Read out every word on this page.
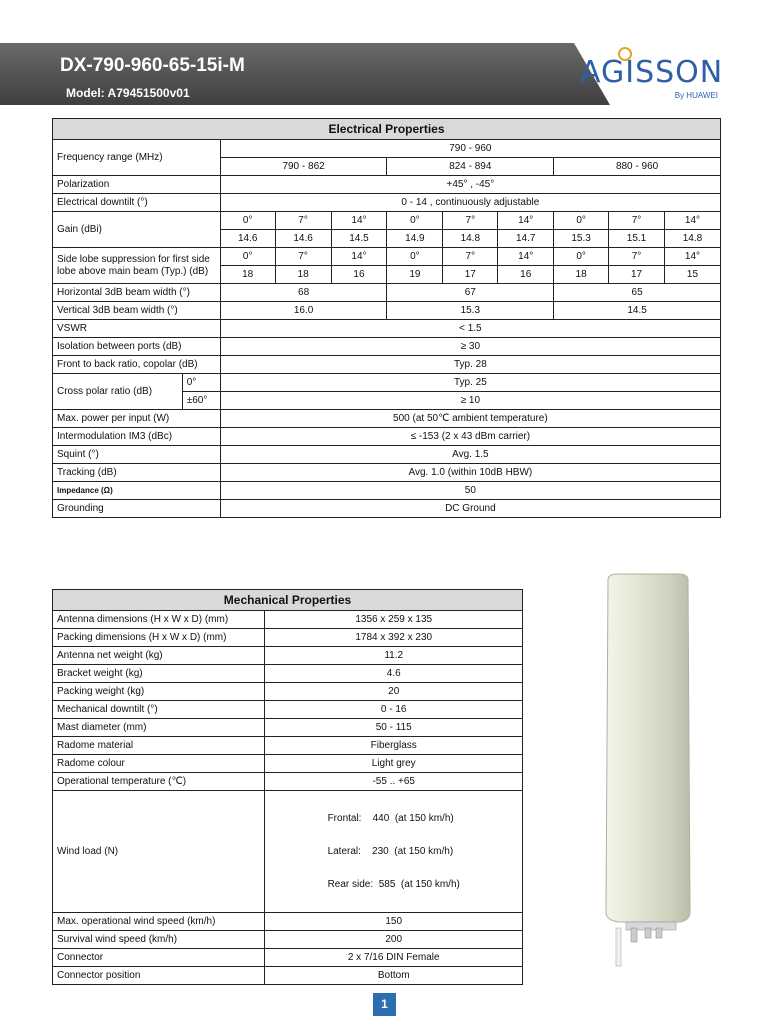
DX-790-960-65-15i-M
Model: A79451500v01
AGISSON
By HUAWEI
Electrical Properties										
Frequency range (MHz)		790 - 960								
		790 - 862			824 - 894			880 - 960		
Polarization		+45° , -45°								
Electrical downtilt (°)		0 - 14 , continuously adjustable								
Gain (dBi)		0°	7°	14°	0°	7°	14°	0°	7°	14°
		14.6	14.6	14.5	14.9	14.8	14.7	15.3	15.1	14.8
Side lobe suppression for first side lobe above main beam (Typ.) (dB)		0°	7°	14°	0°	7°	14°	0°	7°	14°
		18	18	16	19	17	16	18	17	15
Horizontal 3dB beam width (°)		68			67			65		
Vertical 3dB beam width (°)		16.0			15.3			14.5		
VSWR		< 1.5								
Isolation between ports (dB)		≥ 30								
Front to back ratio, copolar (dB)		Typ. 28								
Cross polar ratio (dB)	0°	Typ. 25								
	±60°	≥ 10								
Max. power per input (W)		500 (at 50℃ ambient temperature)								
Intermodulation IM3 (dBc)		≤ -153 (2 x 43 dBm carrier)								
Squint (°)		Avg. 1.5								
Tracking (dB)		Avg. 1.0 (within 10dB HBW)								
Impedance (Ω)		50								
Grounding		DC Ground								
Mechanical Properties	
Antenna dimensions (H x W x D) (mm)	1356 x 259 x 135
Packing dimensions (H x W x D) (mm)	1784 x 392 x 230
Antenna net weight (kg)	11.2
Bracket weight (kg)	4.6
Packing weight (kg)	20
Mechanical downtilt (°)	0 - 16
Mast diameter (mm)	50 - 115
Radome material	Fiberglass
Radome colour	Light grey
Operational temperature (℃)	-55 .. +65
Wind load (N)	Frontal:    440  (at 150 km/h)

Lateral:    230  (at 150 km/h)

Rear side:  585  (at 150 km/h)

Max. operational wind speed (km/h)	150
Survival wind speed (km/h)	200
Connector	2 x 7/16 DIN Female
Connector position	Bottom
1
